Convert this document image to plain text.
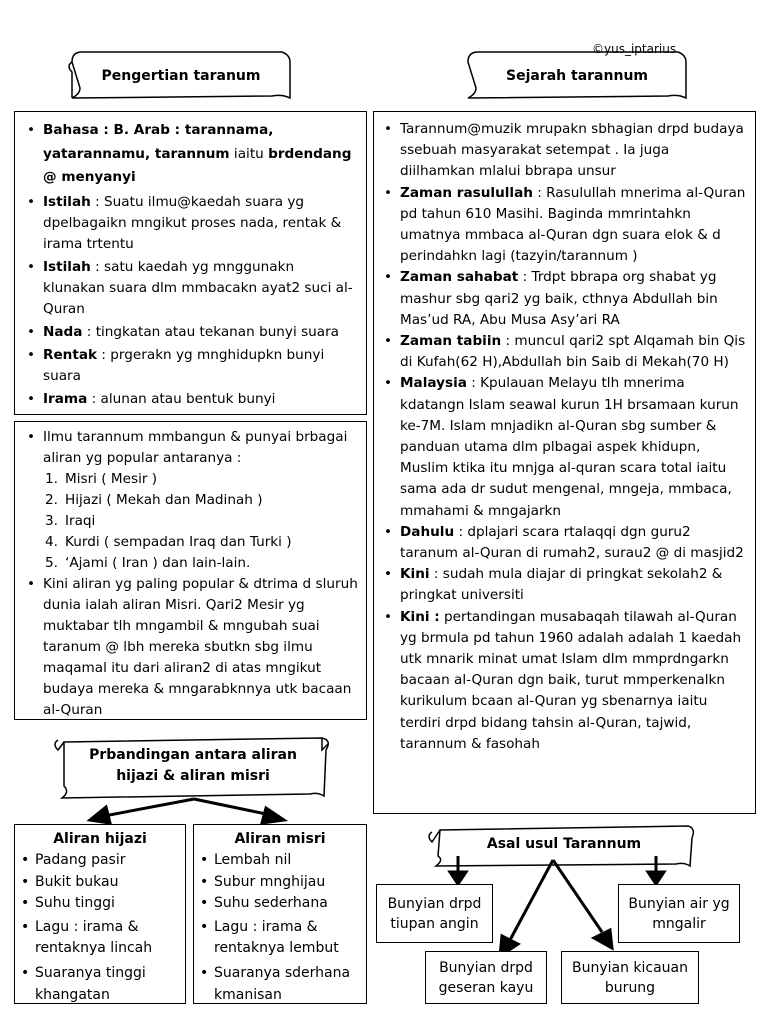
©yus_iptarius
Pengertian taranum	Sejarah tarannum
• Bahasa : B. Arab : tarannama, yatarannamu, tarannum iaitu brdendang @ menyanyi
• Istilah : Suatu ilmu@kaedah suara yg dpelbagaikn mngikut proses nada, rentak & irama trtentu
• Istilah : satu kaedah yg mnggunakn klunakan suara dlm mmbacakn ayat2 suci al-Quran
• Nada : tingkatan atau tekanan bunyi suara
• Rentak : prgerakn yg mnghidupkn bunyi suara
• Irama : alunan atau bentuk bunyi
• Ilmu tarannum mmbangun & punyai brbagai aliran yg popular antaranya :
1. Misri ( Mesir )
2. Hijazi ( Mekah dan Madinah )
3. Iraqi
4. Kurdi ( sempadan Iraq dan Turki )
5. ‘Ajami ( Iran ) dan lain-lain.
• Kini aliran yg paling popular & dtrima d sluruh dunia ialah aliran Misri. Qari2 Mesir yg muktabar tlh mngambil & mngubah suai taranum @ lbh mereka sbutkn sbg ilmu maqamal itu dari aliran2 di atas mngikut budaya mereka & mngarabknnya utk bacaan al-Quran
• Tarannum@muzik mrupakn sbhagian drpd budaya ssebuah masyarakat setempat . Ia juga diilhamkan mlalui bbrapa unsur
• Zaman rasulullah : Rasulullah mnerima al-Quran pd tahun 610 Masihi. Baginda mmrintahkn umatnya mmbaca al-Quran dgn suara elok & d perindahkn lagi (tazyin/tarannum )
• Zaman sahabat : Trdpt bbrapa org shabat yg mashur sbg qari2 yg baik, cthnya Abdullah bin Mas’ud RA, Abu Musa Asy’ari RA
• Zaman tabiin : muncul qari2 spt Alqamah bin Qis di Kufah(62 H),Abdullah bin Saib di Mekah(70 H)
• Malaysia : Kpulauan Melayu tlh mnerima kdatangn Islam seawal kurun 1H brsamaan kurun ke-7M. Islam mnjadikn al-Quran sbg sumber & panduan utama dlm plbagai aspek khidupn, Muslim ktika itu mnjga al-quran scara total iaitu sama ada dr sudut mengenal, mngeja, mmbaca, mmahami & mngajarkn
• Dahulu : dplajari scara rtalaqqi dgn guru2 taranum al-Quran di rumah2, surau2 @ di masjid2
• Kini : sudah mula diajar di pringkat sekolah2 & pringkat universiti
• Kini : pertandingan musabaqah tilawah al-Quran yg brmula pd tahun 1960 adalah adalah 1 kaedah utk mnarik minat umat Islam dlm mmprdngarkn bacaan al-Quran dgn baik, turut mmperkenalkn kurikulum bcaan al-Quran yg sbenarnya iaitu terdiri drpd bidang tahsin al-Quran, tajwid, tarannum & fasohah
Prbandingan antara aliran
hijazi & aliran misri
Aliran hijazi
• Padang pasir
• Bukit bukau
• Suhu tinggi
• Lagu : irama & rentaknya lincah
• Suaranya tinggi khangatan
Aliran misri
• Lembah nil
• Subur mnghijau
• Suhu sederhana
• Lagu : irama & rentaknya lembut
• Suaranya sderhana kmanisan
Asal usul Tarannum
Bunyian drpd tiupan angin
Bunyian air yg mngalir
Bunyian drpd geseran kayu
Bunyian kicauan burung
